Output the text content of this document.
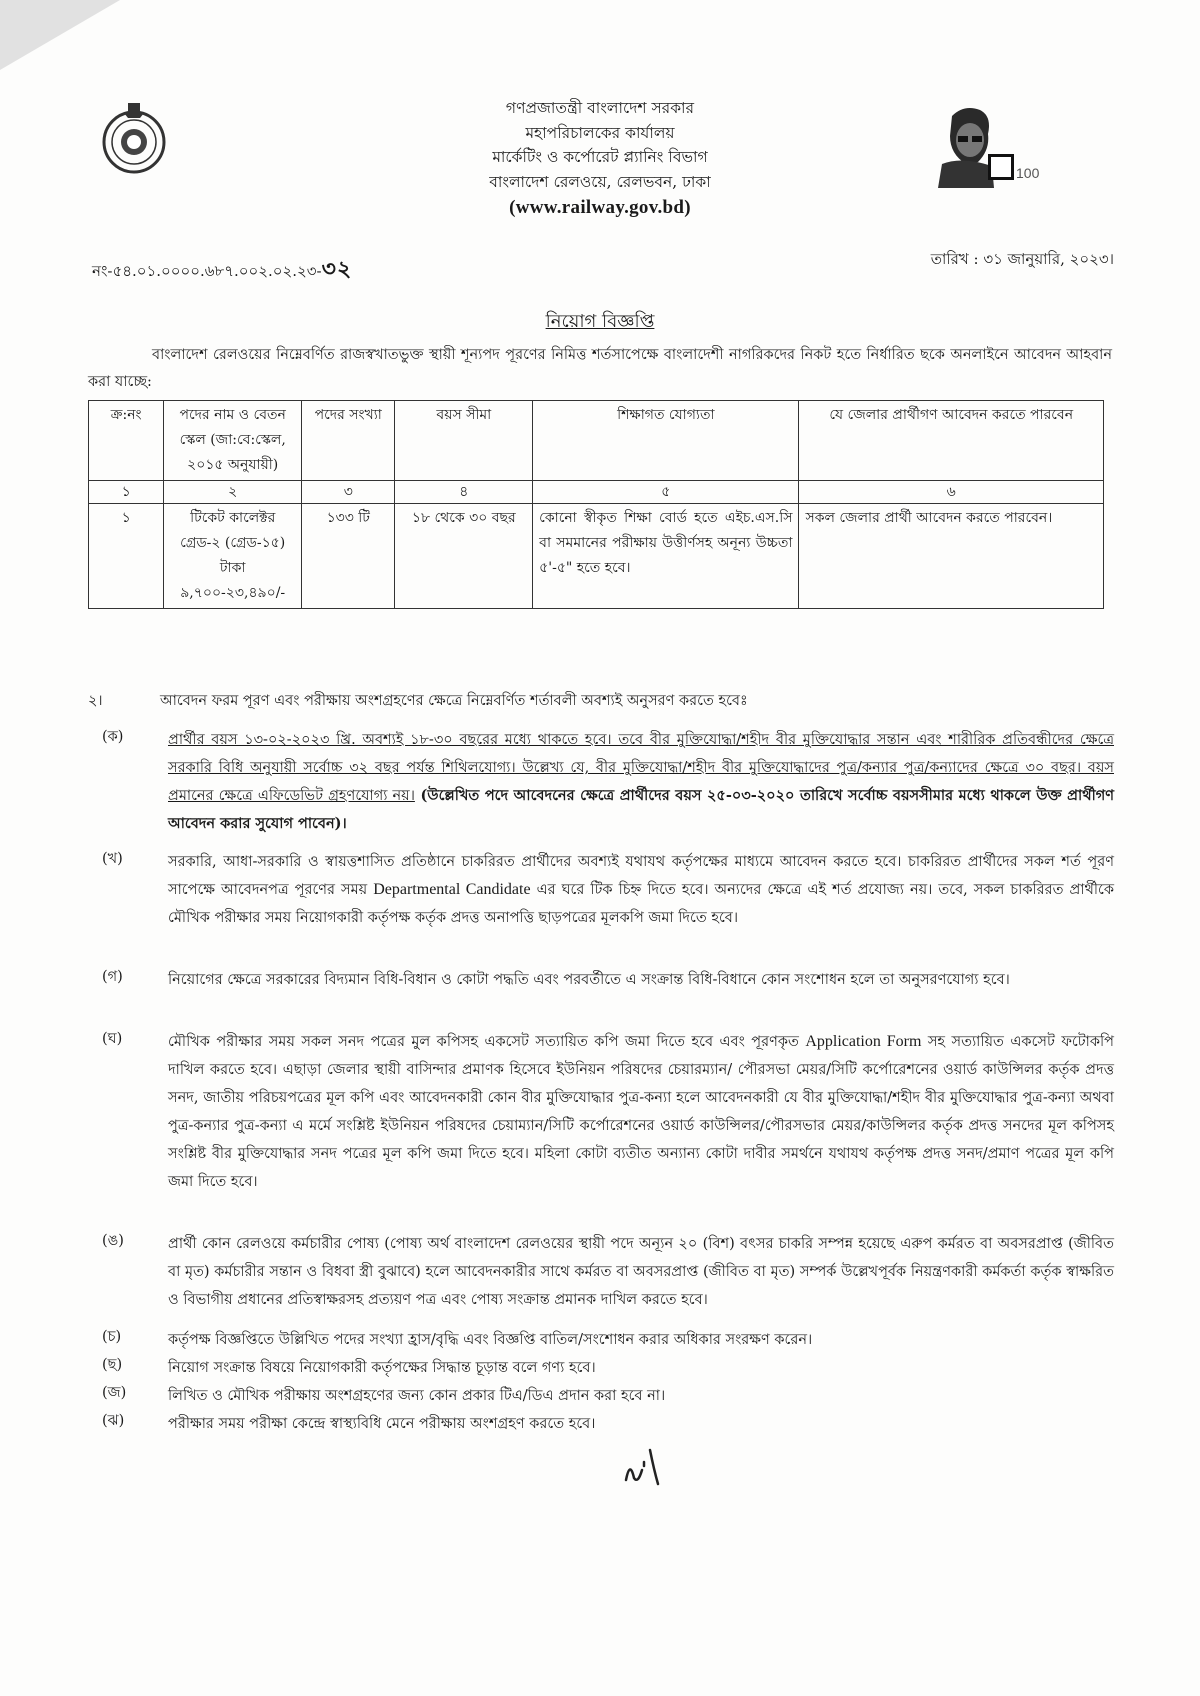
100
গণপ্রজাতন্ত্রী বাংলাদেশ সরকার
মহাপরিচালকের কার্যালয়
মার্কেটিং ও কর্পোরেট প্ল্যানিং বিভাগ
বাংলাদেশ রেলওয়ে, রেলভবন, ঢাকা
(www.railway.gov.bd)
নং-৫৪.০১.০০০০.৬৮৭.০০২.০২.২৩-৩২	তারিখ : ৩১ জানুয়ারি, ২০২৩।
নিয়োগ বিজ্ঞপ্তি
বাংলাদেশ রেলওয়ের নিম্নেবর্ণিত রাজস্বখাতভুক্ত স্থায়ী শূন্যপদ পূরণের নিমিত্ত শর্তসাপেক্ষে বাংলাদেশী নাগরিকদের নিকট হতে নির্ধারিত ছকে অনলাইনে আবেদন আহবান করা যাচ্ছে:
ক্র:নং	পদের নাম ও বেতন স্কেল (জা:বে:স্কেল, ২০১৫ অনুযায়ী)	পদের সংখ্যা	বয়স সীমা	শিক্ষাগত যোগ্যতা	যে জেলার প্রার্থীগণ আবেদন করতে পারবেন
১	২	৩	৪	৫	৬
১	টিকেট কালেক্টর গ্রেড-২ (গ্রেড-১৫) টাকা ৯,৭০০-২৩,৪৯০/-	১৩৩ টি	১৮ থেকে ৩০ বছর	কোনো স্বীকৃত শিক্ষা বোর্ড হতে এইচ.এস.সি বা সমমানের পরীক্ষায় উত্তীর্ণসহ অনূন্য উচ্চতা ৫'-৫" হতে হবে।	সকল জেলার প্রার্থী আবেদন করতে পারবেন।
২।	আবেদন ফরম পূরণ এবং পরীক্ষায় অংশগ্রহণের ক্ষেত্রে নিম্নেবর্ণিত শর্তাবলী অবশ্যই অনুসরণ করতে হবেঃ
(ক)	প্রার্থীর বয়স ১৩-০২-২০২৩ খ্রি. অবশ্যই ১৮-৩০ বছরের মধ্যে থাকতে হবে। তবে বীর মুক্তিযোদ্ধা/শহীদ বীর মুক্তিযোদ্ধার সন্তান এবং শারীরিক প্রতিবন্ধীদের ক্ষেত্রে সরকারি বিধি অনুযায়ী সর্বোচ্চ ৩২ বছর পর্যন্ত শিথিলযোগ্য। উল্লেখ্য যে, বীর মুক্তিযোদ্ধা/শহীদ বীর মুক্তিযোদ্ধাদের পুত্র/কন্যার পুত্র/কন্যাদের ক্ষেত্রে ৩০ বছর। বয়স প্রমানের ক্ষেত্রে এফিডেভিট গ্রহণযোগ্য নয়। (উল্লেখিত পদে আবেদনের ক্ষেত্রে প্রার্থীদের বয়স ২৫-০৩-২০২০ তারিখে সর্বোচ্চ বয়সসীমার মধ্যে থাকলে উক্ত প্রার্থীগণ আবেদন করার সুযোগ পাবেন)।
(খ)	সরকারি, আধা-সরকারি ও স্বায়ত্তশাসিত প্রতিষ্ঠানে চাকরিরত প্রার্থীদের অবশ্যই যথাযথ কর্তৃপক্ষের মাধ্যমে আবেদন করতে হবে। চাকরিরত প্রার্থীদের সকল শর্ত পূরণ সাপেক্ষে আবেদনপত্র পূরণের সময় Departmental Candidate এর ঘরে টিক চিহ্ন দিতে হবে। অন্যদের ক্ষেত্রে এই শর্ত প্রযোজ্য নয়। তবে, সকল চাকরিরত প্রার্থীকে মৌখিক পরীক্ষার সময় নিয়োগকারী কর্তৃপক্ষ কর্তৃক প্রদত্ত অনাপত্তি ছাড়পত্রের মূলকপি জমা দিতে হবে।
(গ)	নিয়োগের ক্ষেত্রে সরকারের বিদ্যমান বিধি-বিধান ও কোটা পদ্ধতি এবং পরবর্তীতে এ সংক্রান্ত বিধি-বিধানে কোন সংশোধন হলে তা অনুসরণযোগ্য হবে।
(ঘ)	মৌখিক পরীক্ষার সময় সকল সনদ পত্রের মুল কপিসহ একসেট সত্যায়িত কপি জমা দিতে হবে এবং পূরণকৃত Application Form সহ সত্যায়িত একসেট ফটোকপি দাখিল করতে হবে। এছাড়া জেলার স্থায়ী বাসিন্দার প্রমাণক হিসেবে ইউনিয়ন পরিষদের চেয়ারম্যান/ পৌরসভা মেয়র/সিটি কর্পোরেশনের ওয়ার্ড কাউন্সিলর কর্তৃক প্রদত্ত সনদ, জাতীয় পরিচয়পত্রের মূল কপি এবং আবেদনকারী কোন বীর মুক্তিযোদ্ধার পুত্র-কন্যা হলে আবেদনকারী যে বীর মুক্তিযোদ্ধা/শহীদ বীর মুক্তিযোদ্ধার পুত্র-কন্যা অথবা পুত্র-কন্যার পুত্র-কন্যা এ মর্মে সংশ্লিষ্ট ইউনিয়ন পরিষদের চেয়াম্যান/সিটি কর্পোরেশনের ওয়ার্ড কাউন্সিলর/পৌরসভার মেয়র/কাউন্সিলর কর্তৃক প্রদত্ত সনদের মূল কপিসহ সংশ্লিষ্ট বীর মুক্তিযোদ্ধার সনদ পত্রের মূল কপি জমা দিতে হবে। মহিলা কোটা ব্যতীত অন্যান্য কোটা দাবীর সমর্থনে যথাযথ কর্তৃপক্ষ প্রদত্ত সনদ/প্রমাণ পত্রের মূল কপি জমা দিতে হবে।
(ঙ)	প্রার্থী কোন রেলওয়ে কর্মচারীর পোষ্য (পোষ্য অর্থ বাংলাদেশ রেলওয়ের স্থায়ী পদে অন্যূন ২০ (বিশ) বৎসর চাকরি সম্পন্ন হয়েছে এরুপ কর্মরত বা অবসরপ্রাপ্ত (জীবিত বা মৃত) কর্মচারীর সন্তান ও বিধবা স্ত্রী বুঝাবে) হলে আবেদনকারীর সাথে কর্মরত বা অবসরপ্রাপ্ত (জীবিত বা মৃত) সম্পর্ক উল্লেখপূর্বক নিয়ন্ত্রণকারী কর্মকর্তা কর্তৃক স্বাক্ষরিত ও বিভাগীয় প্রধানের প্রতিস্বাক্ষরসহ প্রত্যয়ণ পত্র এবং পোষ্য সংক্রান্ত প্রমানক দাখিল করতে হবে।
(চ)	কর্তৃপক্ষ বিজ্ঞপ্তিতে উল্লিখিত পদের সংখ্যা হ্রাস/বৃদ্ধি এবং বিজ্ঞপ্তি বাতিল/সংশোধন করার অধিকার সংরক্ষণ করেন।
(ছ)	নিয়োগ সংক্রান্ত বিষয়ে নিয়োগকারী কর্তৃপক্ষের সিদ্ধান্ত চূড়ান্ত বলে গণ্য হবে।
(জ)	লিখিত ও মৌখিক পরীক্ষায় অংশগ্রহণের জন্য কোন প্রকার টিএ/ডিএ প্রদান করা হবে না।
(ঝ)	পরীক্ষার সময় পরীক্ষা কেন্দ্রে স্বাস্থ্যবিধি মেনে পরীক্ষায় অংশগ্রহণ করতে হবে।
